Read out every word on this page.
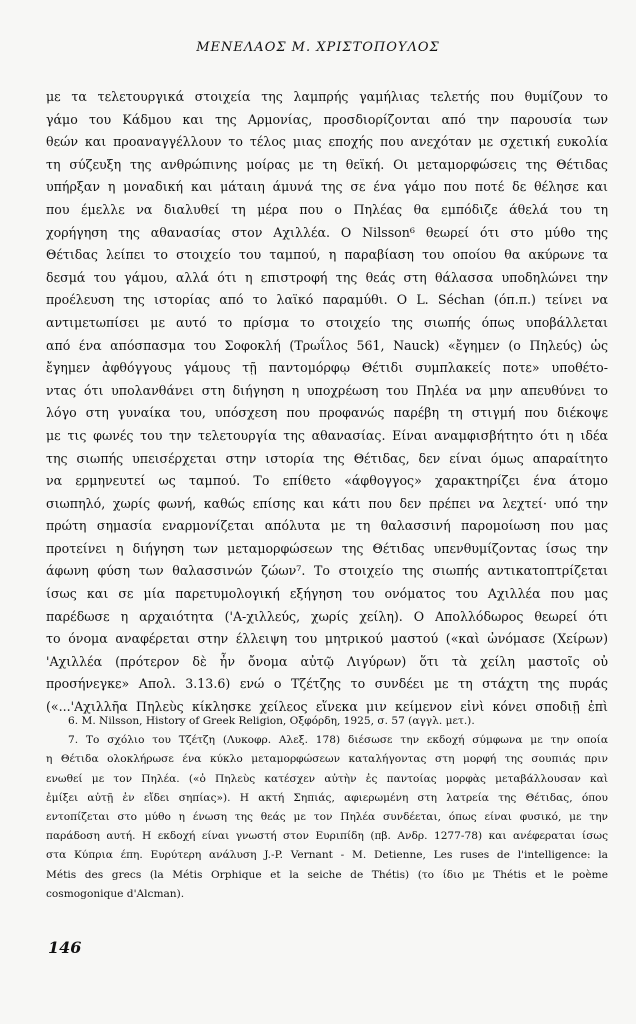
ΜΕΝΕΛΑΟΣ Μ. ΧΡΙΣΤΟΠΟΥΛΟΣ
με τα τελετουργικά στοιχεία της λαμπρής γαμήλιας τελετής που θυμίζουν το
γάμο του Κάδμου και της Αρμονίας, προσδιορίζονται από την παρουσία των
θεών και προαναγγέλλουν το τέλος μιας εποχής που ανεχόταν με σχετική ευκολία
τη σύζευξη της ανθρώπινης μοίρας με τη θεϊκή. Οι μεταμορφώσεις της Θέτιδας
υπήρξαν η μοναδική και μάταιη άμυνά της σε ένα γάμο που ποτέ δε θέλησε και
που έμελλε να διαλυθεί τη μέρα που ο Πηλέας θα εμπόδιζε άθελά του τη
χορήγηση της αθανασίας στον Αχιλλέα. Ο Nilsson⁶ θεωρεί ότι στο μύθο της
Θέτιδας λείπει το στοιχείο του ταμπού, η παραβίαση του οποίου θα ακύρωνε τα
δεσμά του γάμου, αλλά ότι η επιστροφή της θεάς στη θάλασσα υποδηλώνει την
προέλευση της ιστορίας από το λαϊκό παραμύθι. Ο L. Séchan (όπ.π.) τείνει να
αντιμετωπίσει με αυτό το πρίσμα το στοιχείο της σιωπής όπως υποβάλλεται
από ένα απόσπασμα του Σοφοκλή (Τρωΐλος 561, Nauck) «ἔγημεν (ο Πηλεύς) ὡς
ἔγημεν ἀφθόγγους γάμους τῇ παντομόρφῳ Θέτιδι συμπλακείς ποτε» υποθέτο-
ντας ότι υπολανθάνει στη διήγηση η υποχρέωση του Πηλέα να μην απευθύνει το
λόγο στη γυναίκα του, υπόσχεση που προφανώς παρέβη τη στιγμή που διέκοψε
με τις φωνές του την τελετουργία της αθανασίας. Είναι αναμφισβήτητο ότι η ιδέα
της σιωπής υπεισέρχεται στην ιστορία της Θέτιδας, δεν είναι όμως απαραίτητο
να ερμηνευτεί ως ταμπού. Το επίθετο «άφθογγος» χαρακτηρίζει ένα άτομο
σιωπηλό, χωρίς φωνή, καθώς επίσης και κάτι που δεν πρέπει να λεχτεί· υπό την
πρώτη σημασία εναρμονίζεται απόλυτα με τη θαλασσινή παρομοίωση που μας
προτείνει η διήγηση των μεταμορφώσεων της Θέτιδας υπενθυμίζοντας ίσως την
άφωνη φύση των θαλασσινών ζώων⁷. Το στοιχείο της σιωπής αντικατοπτρίζεται
ίσως και σε μία παρετυμολογική εξήγηση του ονόματος του Αχιλλέα που μας
παρέδωσε η αρχαιότητα ('Α-χιλλεύς, χωρίς χείλη). Ο Απολλόδωρος θεωρεί ότι
το όνομα αναφέρεται στην έλλειψη του μητρικού μαστού («καὶ ὠνόμασε (Χείρων)
'Αχιλλέα (πρότερον δὲ ἦν ὄνομα αὐτῷ Λιγύρων) ὅτι τὰ χείλη μαστοῖς οὐ
προσήνεγκε» Απολ. 3.13.6) ενώ ο Τζέτζης το συνδέει με τη στάχτη της πυράς
(«...'Αχιλλῆα Πηλεὺς κίκλησκε χείλεος εἵνεκα μιν κείμενον εἰνὶ κόνει σποδιῇ ἐπὶ
6. M. Nilsson, History of Greek Religion, Οξφόρδη, 1925, σ. 57 (αγγλ. μετ.).
7. Το σχόλιο του Τζέτζη (Λυκοφρ. Αλεξ. 178) διέσωσε την εκδοχή σύμφωνα με την οποία
η Θέτιδα ολοκλήρωσε ένα κύκλο μεταμορφώσεων καταλήγοντας στη μορφή της σουπιάς πριν
ενωθεί με τον Πηλέα. («ὁ Πηλεὺς κατέσχεν αὐτὴν ἐς παντοίας μορφὰς μεταβάλλουσαν καὶ
ἐμίξει αὐτῇ ἐν εἴδει σηπίας»). Η ακτή Σηπιάς, αφιερωμένη στη λατρεία της Θέτιδας, όπου
εντοπίζεται στο μύθο η ένωση της θεάς με τον Πηλέα συνδέεται, όπως είναι φυσικό, με την
παράδοση αυτή. Η εκδοχή είναι γνωστή στον Ευριπίδη (πβ. Ανδρ. 1277-78) και ανέφεραται ίσως
στα Κύπρια έπη. Ευρύτερη ανάλυση J.-P. Vernant - M. Detienne, Les ruses de l'intelligence: la
Métis des grecs (la Métis Orphique et la seiche de Thétis) (το ίδιο με Thétis et le poème
cosmogonique d'Alcman).
146
